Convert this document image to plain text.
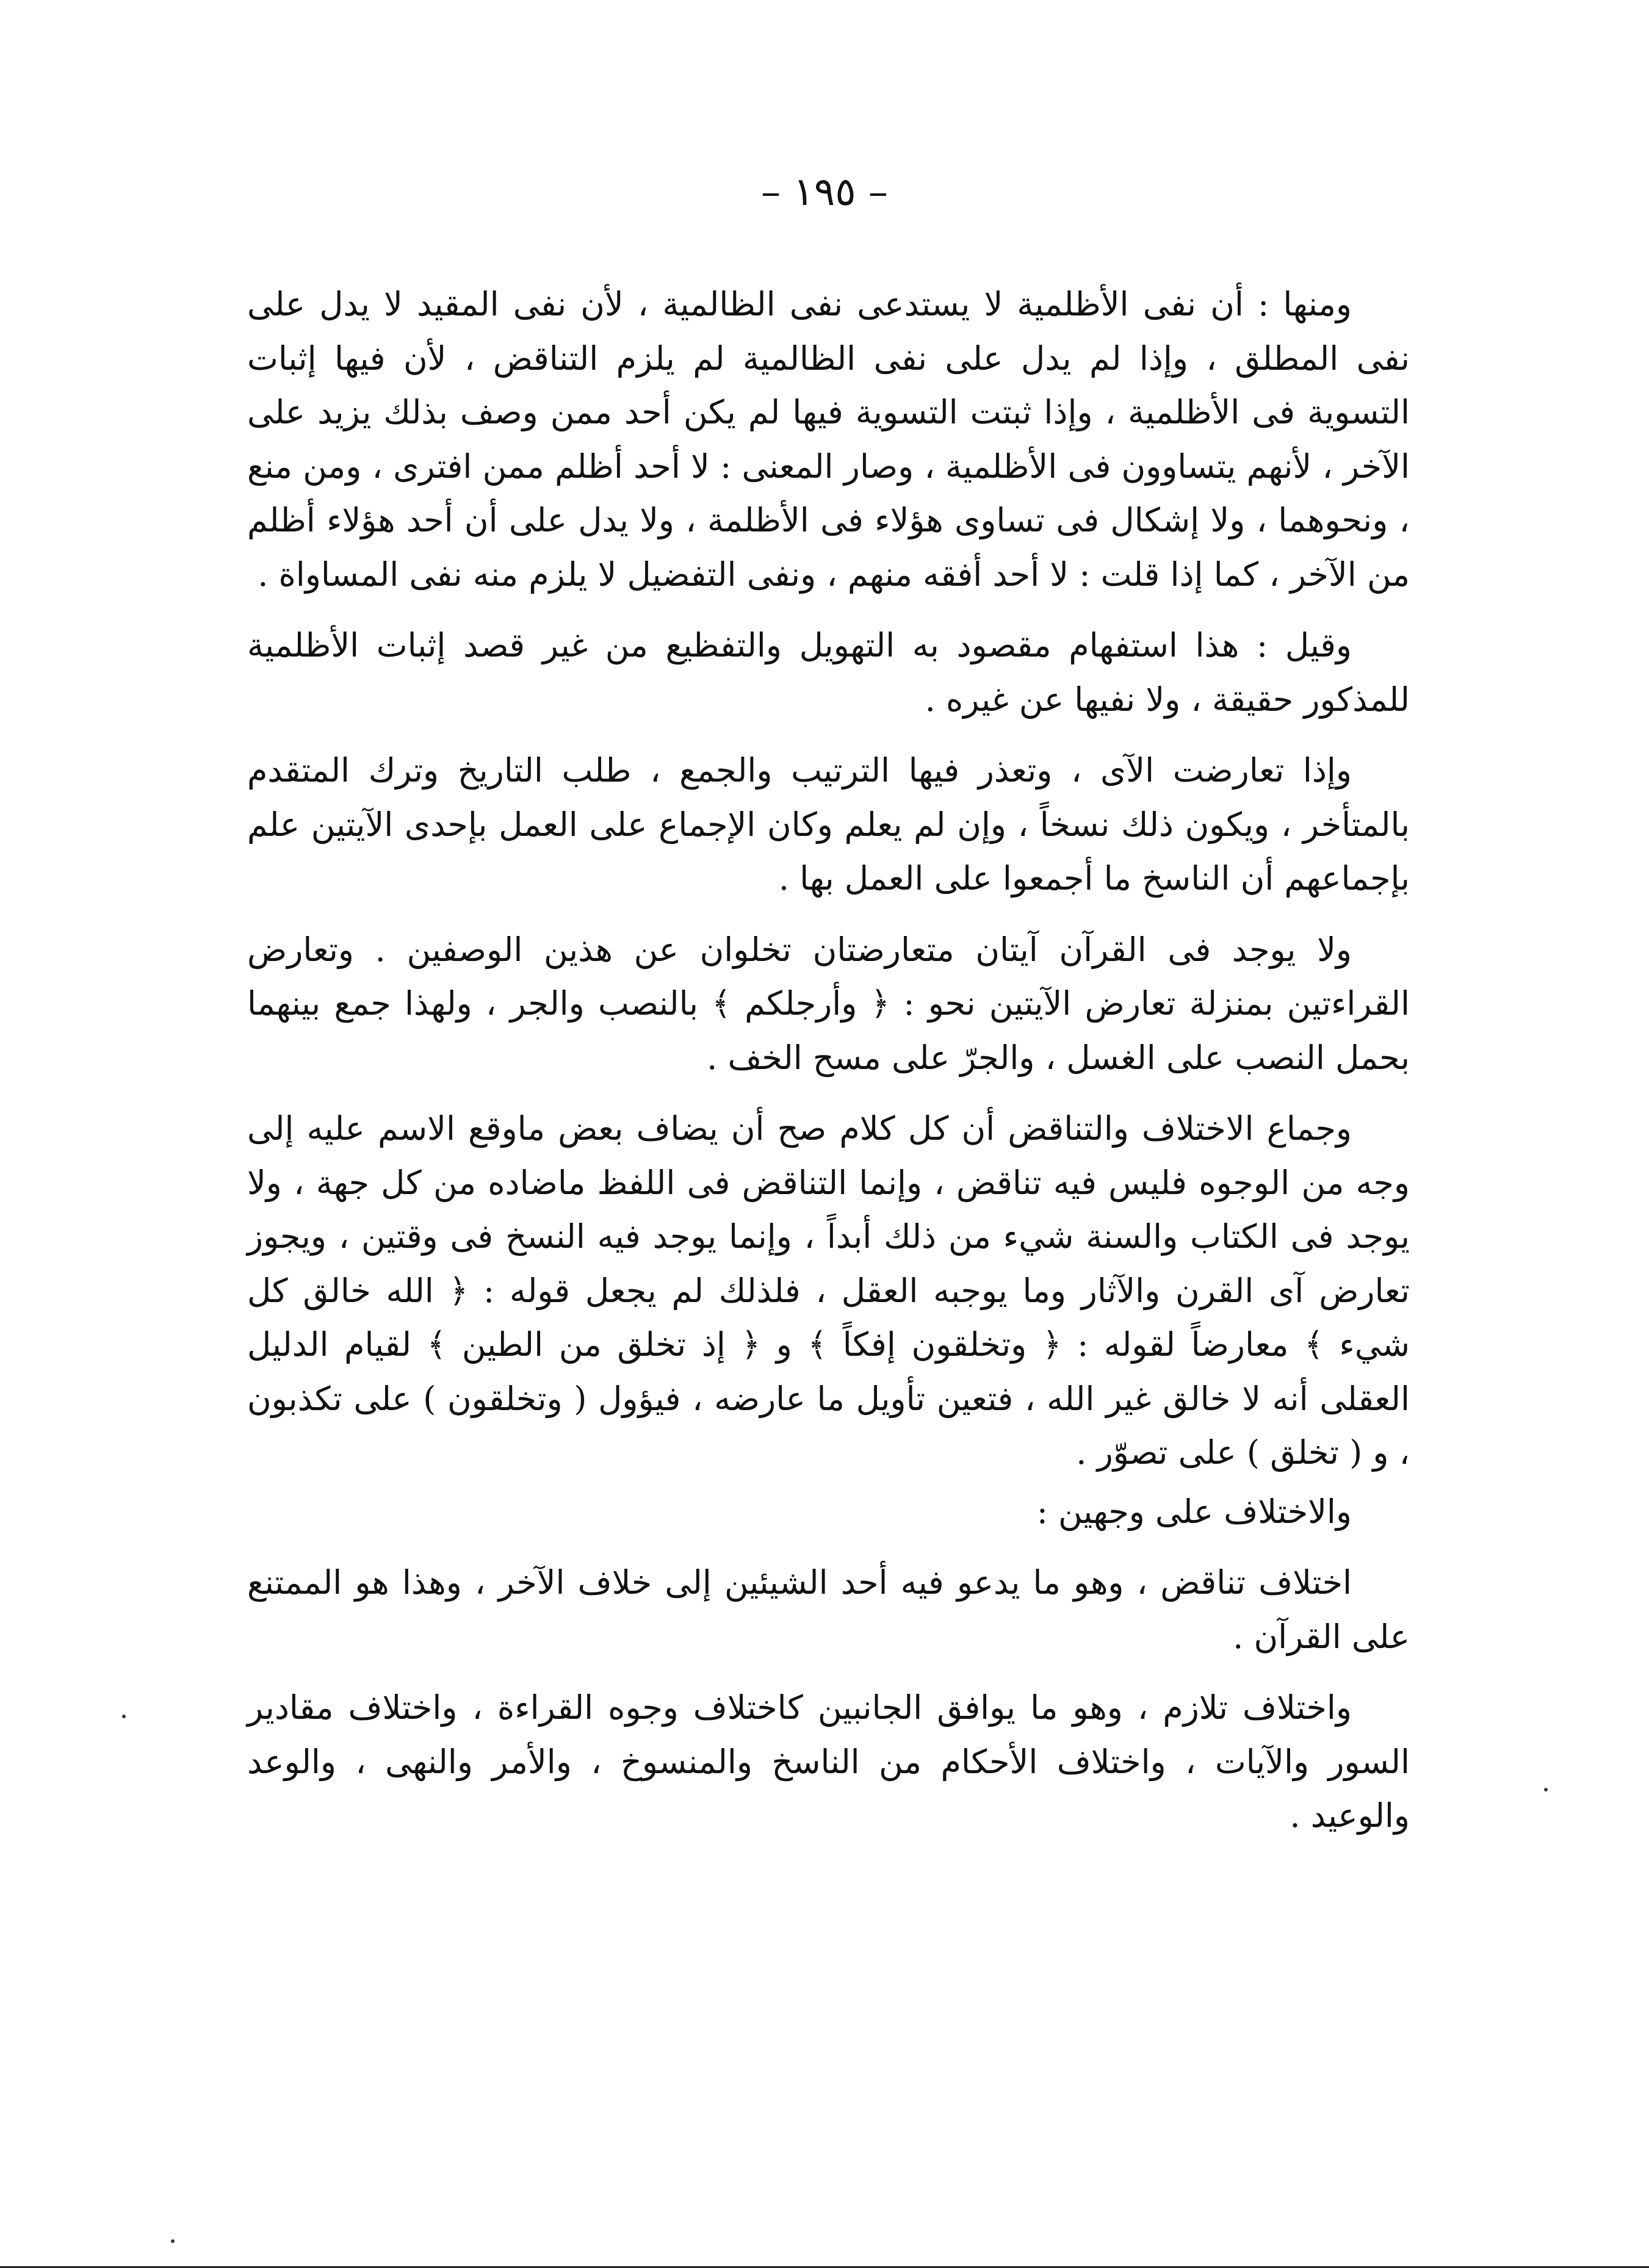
– ١٩٥ –

ومنها : أن نفى الأظلمية لا يستدعى نفى الظالمية ، لأن نفى المقيد لا يدل على نفى المطلق ، وإذا لم يدل على نفى الظالمية لم يلزم التناقض ، لأن فيها إثبات التسوية فى الأظلمية ، وإذا ثبتت التسوية فيها لم يكن أحد ممن وصف بذلك يزيد على الآخر ، لأنهم يتساوون فى الأظلمية ، وصار المعنى : لا أحد أظلم ممن افترى ، ومن منع ، ونحوهما ، ولا إشكال فى تساوى هؤلاء فى الأظلمة ، ولا يدل على أن أحد هؤلاء أظلم من الآخر ، كما إذا قلت : لا أحد أفقه منهم ، ونفى التفضيل لا يلزم منه نفى المساواة .

وقيل : هذا استفهام مقصود به التهويل والتفظيع من غير قصد إثبات الأظلمية للمذكور حقيقة ، ولا نفيها عن غيره .

وإذا تعارضت الآى ، وتعذر فيها الترتيب والجمع ، طلب التاريخ وترك المتقدم بالمتأخر ، ويكون ذلك نسخاً ، وإن لم يعلم وكان الإجماع على العمل بإحدى الآيتين علم بإجماعهم أن الناسخ ما أجمعوا على العمل بها .

ولا يوجد فى القرآن آيتان متعارضتان تخلوان عن هذين الوصفين . وتعارض القراءتين بمنزلة تعارض الآيتين نحو : ﴿ وأرجلكم ﴾ بالنصب والجر ، ولهذا جمع بينهما بحمل النصب على الغسل ، والجرّ على مسح الخف .

وجماع الاختلاف والتناقض أن كل كلام صح أن يضاف بعض ماوقع الاسم عليه إلى وجه من الوجوه فليس فيه تناقض ، وإنما التناقض فى اللفظ ماضاده من كل جهة ، ولا يوجد فى الكتاب والسنة شيء من ذلك أبداً ، وإنما يوجد فيه النسخ فى وقتين ، ويجوز تعارض آى القرن والآثار وما يوجبه العقل ، فلذلك لم يجعل قوله : ﴿ الله خالق كل شيء ﴾ معارضاً لقوله : ﴿ وتخلقون إفكاً ﴾ و ﴿ إذ تخلق من الطين ﴾ لقيام الدليل العقلى أنه لا خالق غير الله ، فتعين تأويل ما عارضه ، فيؤول ( وتخلقون ) على تكذبون ، و ( تخلق ) على تصوّر .

والاختلاف على وجهين :

اختلاف تناقض ، وهو ما يدعو فيه أحد الشيئين إلى خلاف الآخر ، وهذا هو الممتنع على القرآن .

واختلاف تلازم ، وهو ما يوافق الجانبين كاختلاف وجوه القراءة ، واختلاف مقادير السور والآيات ، واختلاف الأحكام من الناسخ والمنسوخ ، والأمر والنهى ، والوعد والوعيد .
